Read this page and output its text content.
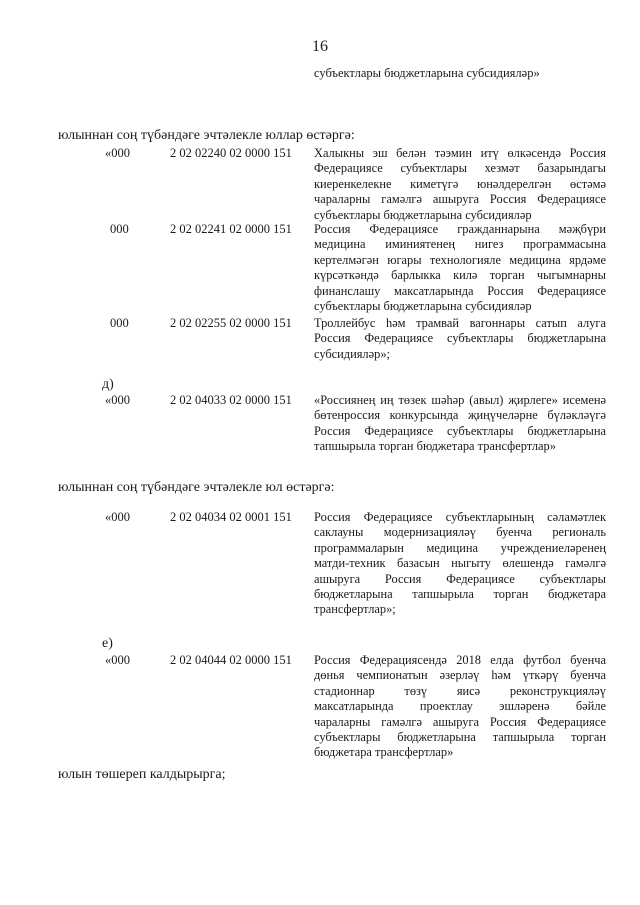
16
субъектлары бюджетларына субсидияләр»
юлыннан соң түбәндәге эчтәлекле юллар өстәргә:
«000	2 02 02240 02 0000 151 Халыкны эш белән тәэмин итү өлкәсендә Россия
Федерациясе субъектлары хезмәт базарындагы
киеренкелекне киметүгә юнәлдерелгән өстәмә
чараларны гамәлгә ашыруга Россия Федерациясе
субъектлары бюджетларына субсидияләр
000	2 02 02241 02 0000 151 Россия Федерациясе гражданнарына мәҗбүри
медицина иминиятенең нигез программасына
кертелмәгән югары технологияле медицина ярдәме
күрсәткәндә барлыкка килә торган чыгымнарны
финанслашу максатларында Россия Федерациясе
субъектлары бюджетларына субсидияләр
000	2 02 02255 02 0000 151 Троллейбус һәм трамвай вагоннары сатып алуга
Россия Федерациясе субъектлары бюджетларына
субсидияләр»;
д)
«000	2 02 04033 02 0000 151 «Россиянең иң төзек шәһәр (авыл) җирлеге» исеменә
бөтенроссия конкурсында җиңүчеләрне бүләкләүгә
Россия Федерациясе субъектлары бюджетларына
тапшырыла торган бюджетара трансфертлар»
юлыннан соң түбәндәге эчтәлекле юл өстәргә:
«000	2 02 04034 02 0001 151 Россия Федерациясе субъектларының сәламәтлек
саклауны модернизацияләү буенча региональ
программаларын медицина учреждениеләренең
матди-техник базасын ныгыту өлешендә гамәлгә
ашыруга Россия Федерациясе субъектлары
бюджетларына тапшырыла торган бюджетара
трансфертлар»;
е)
«000	2 02 04044 02 0000 151 Россия Федерациясендә 2018 елда футбол буенча
дөнья чемпионатын әзерләү һәм үткәрү буенча
стадионнар төзү яисә реконструкцияләү
максатларында проектлау эшләренә бәйле
чараларны гамәлгә ашыруга Россия Федерациясе
субъектлары бюджетларына тапшырыла торган
бюджетара трансфертлар»
юлын төшереп калдырырга;
